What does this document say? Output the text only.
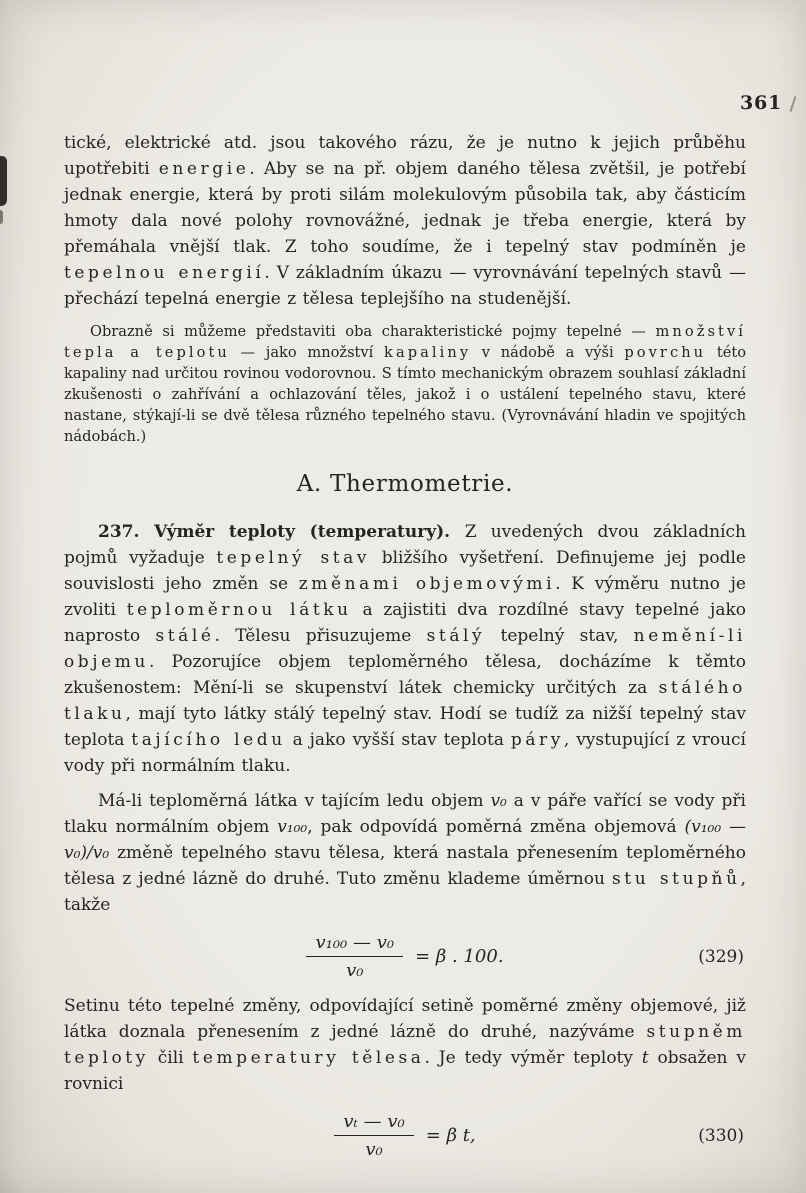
361

tické, elektrické atd. jsou takového rázu, že je nutno k jejich průběhu upotřebiti energie. Aby se na př. objem daného tělesa zvětšil, je potřebí jednak energie, která by proti silám molekulovým působila tak, aby částicím hmoty dala nové polohy rovnovážné, jednak je třeba energie, která by přemáhala vnější tlak. Z toho soudíme, že i tepelný stav podmíněn je tepelnou energií. V základním úkazu — vyrovnávání tepelných stavů — přechází tepelná energie z tělesa teplejšího na studenější.

Obrazně si můžeme představiti oba charakteristické pojmy tepelné — množství tepla a teplotu — jako množství kapaliny v nádobě a výši povrchu této kapaliny nad určitou rovinou vodorovnou. S tímto mechanickým obrazem souhlasí základní zkušenosti o zahřívání a ochlazování těles, jakož i o ustálení tepelného stavu, které nastane, stýkají-li se dvě tělesa různého tepelného stavu. (Vyrovnávání hladin ve spojitých nádobách.)

A. Thermometrie.

237. Výměr teploty (temperatury). Z uvedených dvou základních pojmů vyžaduje tepelný stav bližšího vyšetření. Definujeme jej podle souvislosti jeho změn se změnami objemovými. K výměru nutno je zvoliti teploměrnou látku a zajistiti dva rozdílné stavy tepelné jako naprosto stálé. Tělesu přisuzujeme stálý tepelný stav, nemění-li objemu. Pozorujíce objem teploměrného tělesa, docházíme k těmto zkušenostem: Mění-li se skupenství látek chemicky určitých za stálého tlaku, mají tyto látky stálý tepelný stav. Hodí se tudíž za nižší tepelný stav teplota tajícího ledu a jako vyšší stav teplota páry, vystupující z vroucí vody při normálním tlaku.

Má-li teploměrná látka v tajícím ledu objem v₀ a v páře vařící se vody při tlaku normálním objem v₁₀₀, pak odpovídá poměrná změna objemová (v₁₀₀ — v₀)/v₀ změně tepelného stavu tělesa, která nastala přenesením teploměrného tělesa z jedné lázně do druhé. Tuto změnu klademe úměrnou stu stupňů, takže

$\frac{\text{v₁₀₀ — v₀}}{\text{v₀}} = \beta$ . 100.	(329)

Setinu této tepelné změny, odpovídající setině poměrné změny objemové, již látka doznala přenesením z jedné lázně do druhé, nazýváme stupněm teploty čili temperatury tělesa. Je tedy výměr teploty t obsažen v rovnici

$\frac{\text{vₜ — v₀}}{\text{v₀}} = \beta$ t,	(330)
